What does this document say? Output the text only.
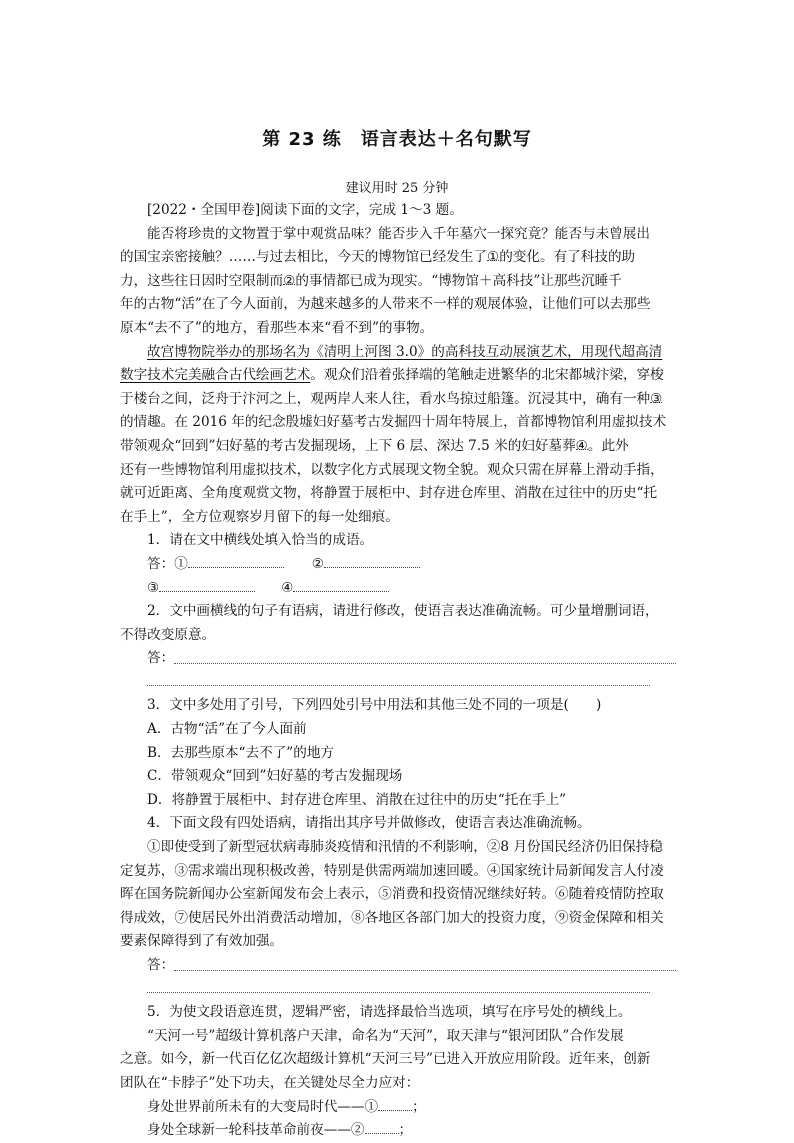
第 23 练　语言表达＋名句默写
建议用时 25 分钟
[2022・全国甲卷]阅读下面的文字，完成 1～3 题。
能否将珍贵的文物置于掌中观赏品味？能否步入千年墓穴一探究竟？能否与未曾展出
的国宝亲密接触？……与过去相比，今天的博物馆已经发生了①的变化。有了科技的助
力，这些往日因时空限制而②的事情都已成为现实。“博物馆＋高科技”让那些沉睡千
年的古物“活”在了今人面前，为越来越多的人带来不一样的观展体验，让他们可以去那些
原本“去不了”的地方，看那些本来“看不到”的事物。
故宫博物院举办的那场名为《清明上河图 3.0》的高科技互动展演艺术，用现代超高清
数字技术完美融合古代绘画艺术。观众们沿着张择端的笔触走进繁华的北宋都城汴梁，穿梭
于楼台之间，泛舟于汴河之上，观两岸人来人往，看水鸟掠过船篷。沉浸其中，确有一种③
的情趣。在 2016 年的纪念殷墟妇好墓考古发掘四十周年特展上，首都博物馆利用虚拟技术
带领观众“回到”妇好墓的考古发掘现场，上下 6 层、深达 7.5 米的妇好墓葬④。此外
还有一些博物馆利用虚拟技术，以数字化方式展现文物全貌。观众只需在屏幕上滑动手指，
就可近距离、全角度观赏文物，将静置于展柜中、封存进仓库里、消散在过往中的历史“托
在手上”，全方位观察岁月留下的每一处细痕。
1．请在文中横线处填入恰当的成语。
答：①	②
③	④
2．文中画横线的句子有语病，请进行修改，使语言表达准确流畅。可少量增删词语，
不得改变原意。
答：
3．文中多处用了引号，下列四处引号中用法和其他三处不同的一项是(　　)
A．古物“活”在了今人面前
B．去那些原本“去不了”的地方
C．带领观众“回到”妇好墓的考古发掘现场
D．将静置于展柜中、封存进仓库里、消散在过往中的历史“托在手上”
4．下面文段有四处语病，请指出其序号并做修改，使语言表达准确流畅。
①即使受到了新型冠状病毒肺炎疫情和汛情的不利影响，②8 月份国民经济仍旧保持稳
定复苏，③需求端出现积极改善，特别是供需两端加速回暖。④国家统计局新闻发言人付凌
晖在国务院新闻办公室新闻发布会上表示，⑤消费和投资情况继续好转。⑥随着疫情防控取
得成效，⑦使居民外出消费活动增加，⑧各地区各部门加大的投资力度，⑨资金保障和相关
要素保障得到了有效加强。
答：
5．为使文段语意连贯，逻辑严密，请选择最恰当选项，填写在序号处的横线上。
“天河一号”超级计算机落户天津，命名为“天河”，取天津与“银河团队”合作发展
之意。如今，新一代百亿亿次超级计算机“天河三号”已进入开放应用阶段。近年来，创新
团队在“卡脖子”处下功夫，在关键处尽全力应对：
身处世界前所未有的大变局时代——①	；
身处全球新一轮科技革命前夜——②	；
